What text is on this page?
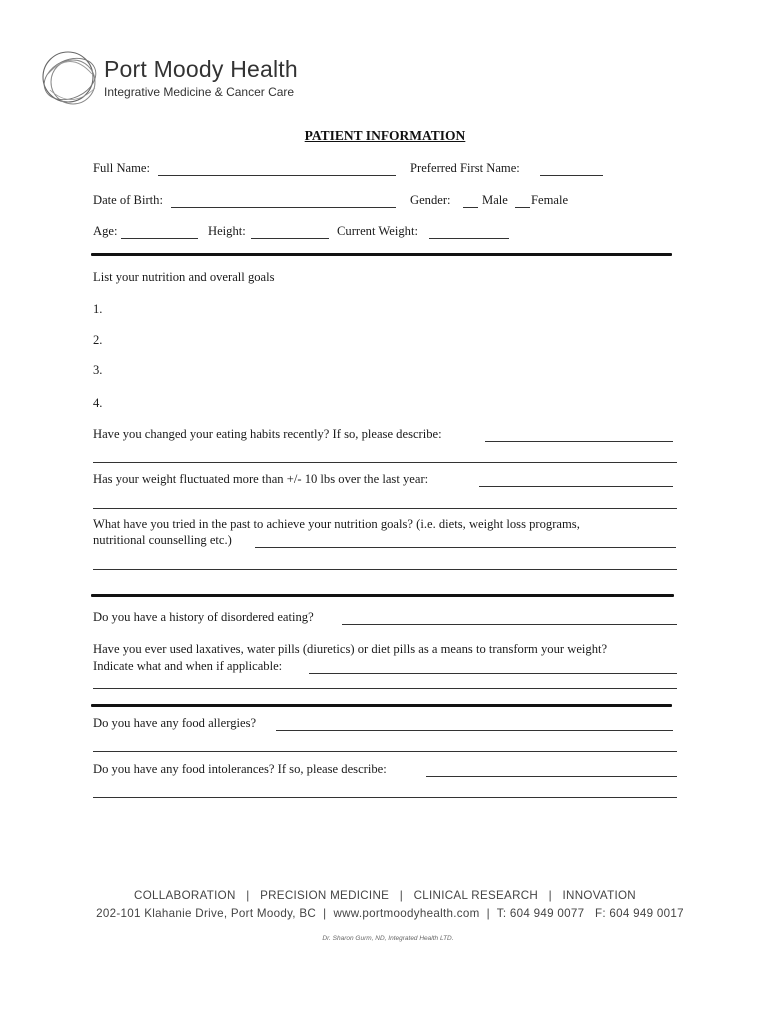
Port Moody Health
Integrative Medicine & Cancer Care
PATIENT INFORMATION
Full Name:	Preferred First Name:
Date of Birth:	Gender: Male Female
Age:	Height:	Current Weight:
List your nutrition and overall goals
1.
2.
3.
4.
Have you changed your eating habits recently? If so, please describe:
Has your weight fluctuated more than +/- 10 lbs over the last year:
What have you tried in the past to achieve your nutrition goals? (i.e. diets, weight loss programs,
nutritional counselling etc.)
Do you have a history of disordered eating?
Have you ever used laxatives, water pills (diuretics) or diet pills as a means to transform your weight?
Indicate what and when if applicable:
Do you have any food allergies?
Do you have any food intolerances? If so, please describe:
COLLABORATION   |   PRECISION MEDICINE   |   CLINICAL RESEARCH   |   INNOVATION
202-101 Klahanie Drive, Port Moody, BC  |  www.portmoodyhealth.com  |  T: 604 949 0077   F: 604 949 0017
Dr. Sharon Gurm, ND, Integrated Health LTD.
